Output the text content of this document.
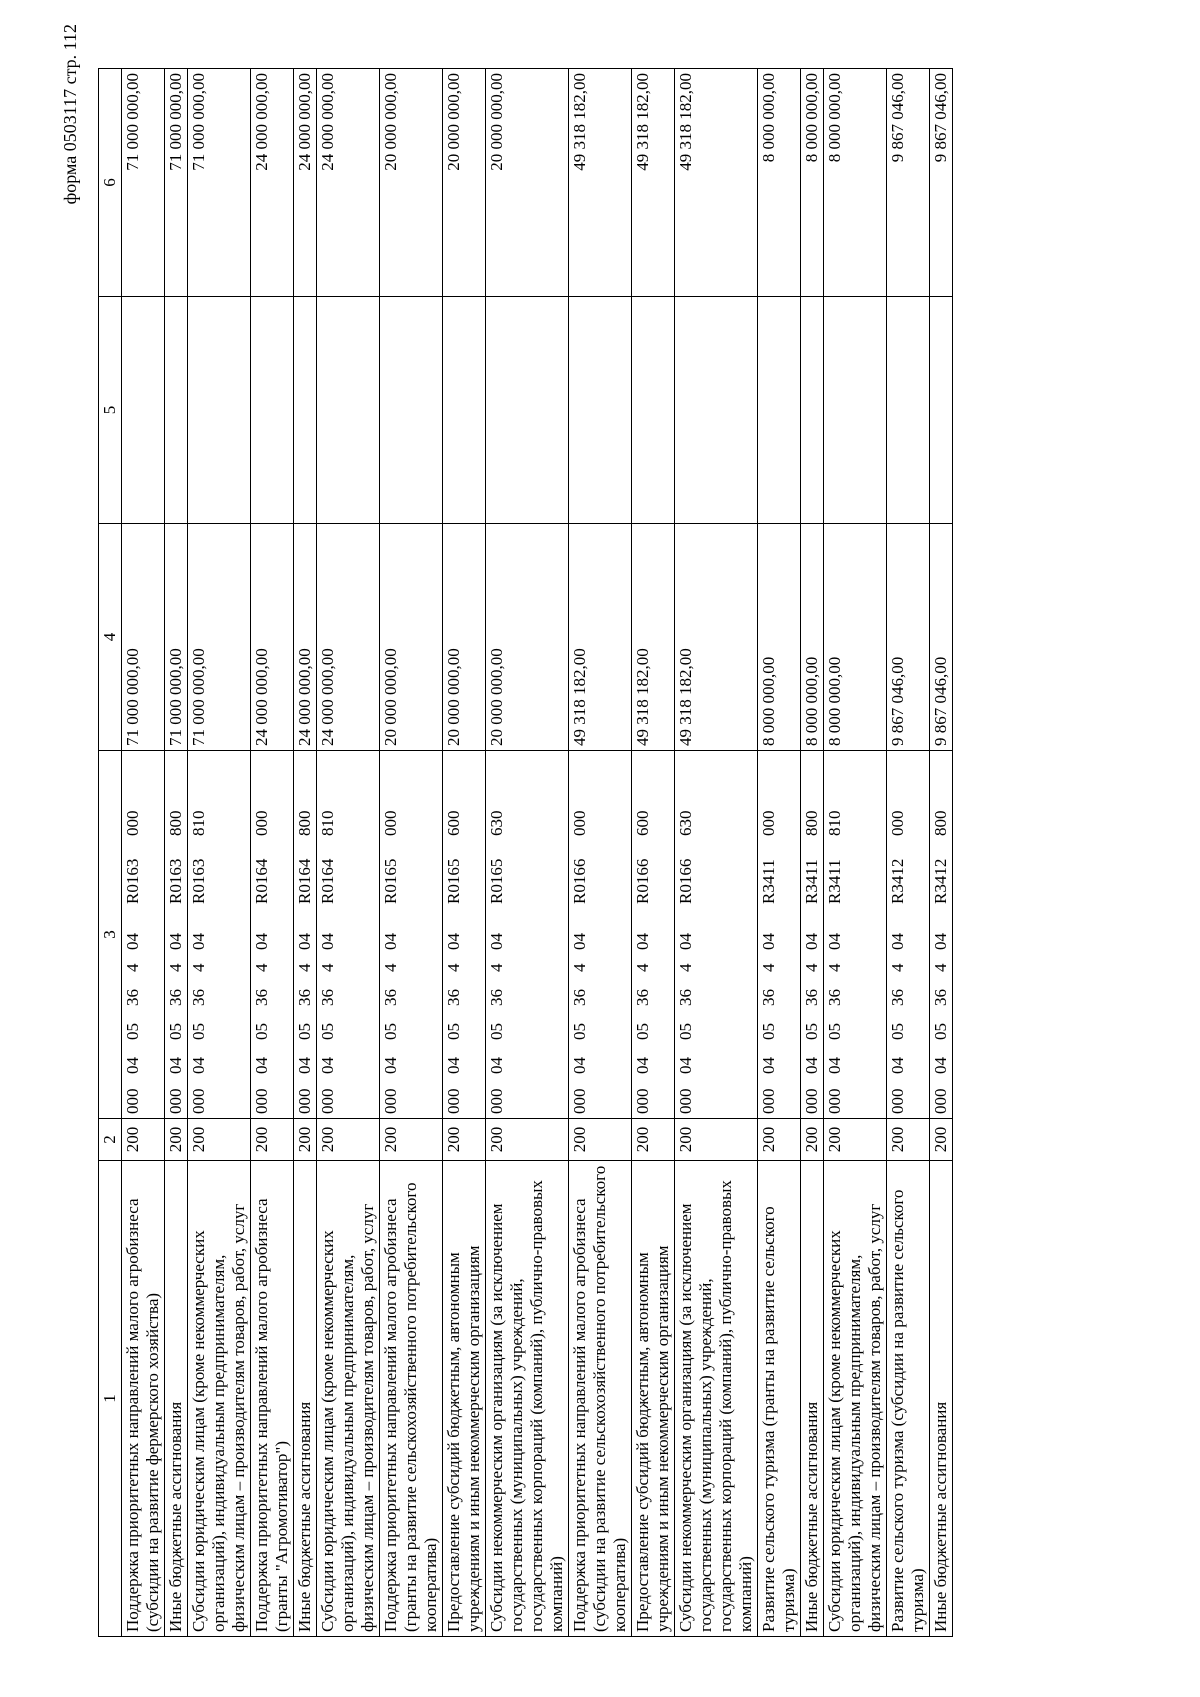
форма 0503117 стр. 112
1	2	3	4	5	6
Поддержка приоритетных направлений малого агробизнеса (субсидии на развитие фермерского хозяйства)	200	000040536404R0163000	71 000 000,00		71 000 000,00
Иные бюджетные ассигнования	200	000040536404R0163800	71 000 000,00		71 000 000,00
Субсидии юридическим лицам (кроме некоммерческих организаций), индивидуальным предпринимателям, физическим лицам – производителям товаров, работ, услуг	200	000040536404R0163810	71 000 000,00		71 000 000,00
Поддержка приоритетных направлений малого агробизнеса (гранты "Агромотиватор")	200	000040536404R0164000	24 000 000,00		24 000 000,00
Иные бюджетные ассигнования	200	000040536404R0164800	24 000 000,00		24 000 000,00
Субсидии юридическим лицам (кроме некоммерческих организаций), индивидуальным предпринимателям, физическим лицам – производителям товаров, работ, услуг	200	000040536404R0164810	24 000 000,00		24 000 000,00
Поддержка приоритетных направлений малого агробизнеса (гранты на развитие сельскохозяйственного потребительского кооператива)	200	000040536404R0165000	20 000 000,00		20 000 000,00
Предоставление субсидий бюджетным, автономным учреждениям и иным некоммерческим организациям	200	000040536404R0165600	20 000 000,00		20 000 000,00
Субсидии некоммерческим организациям (за исключением государственных (муниципальных) учреждений, государственных корпораций (компаний), публично-правовых компаний)	200	000040536404R0165630	20 000 000,00		20 000 000,00
Поддержка приоритетных направлений малого агробизнеса (субсидии на развитие сельскохозяйственного потребительского кооператива)	200	000040536404R0166000	49 318 182,00		49 318 182,00
Предоставление субсидий бюджетным, автономным учреждениям и иным некоммерческим организациям	200	000040536404R0166600	49 318 182,00		49 318 182,00
Субсидии некоммерческим организациям (за исключением государственных (муниципальных) учреждений, государственных корпораций (компаний), публично-правовых компаний)	200	000040536404R0166630	49 318 182,00		49 318 182,00
Развитие сельского туризма (гранты на развитие сельского туризма)	200	000040536404R3411000	8 000 000,00		8 000 000,00
Иные бюджетные ассигнования	200	000040536404R3411800	8 000 000,00		8 000 000,00
Субсидии юридическим лицам (кроме некоммерческих организаций), индивидуальным предпринимателям, физическим лицам – производителям товаров, работ, услуг	200	000040536404R3411810	8 000 000,00		8 000 000,00
Развитие сельского туризма (субсидии на развитие сельского туризма)	200	000040536404R3412000	9 867 046,00		9 867 046,00
Иные бюджетные ассигнования	200	000040536404R3412800	9 867 046,00		9 867 046,00
